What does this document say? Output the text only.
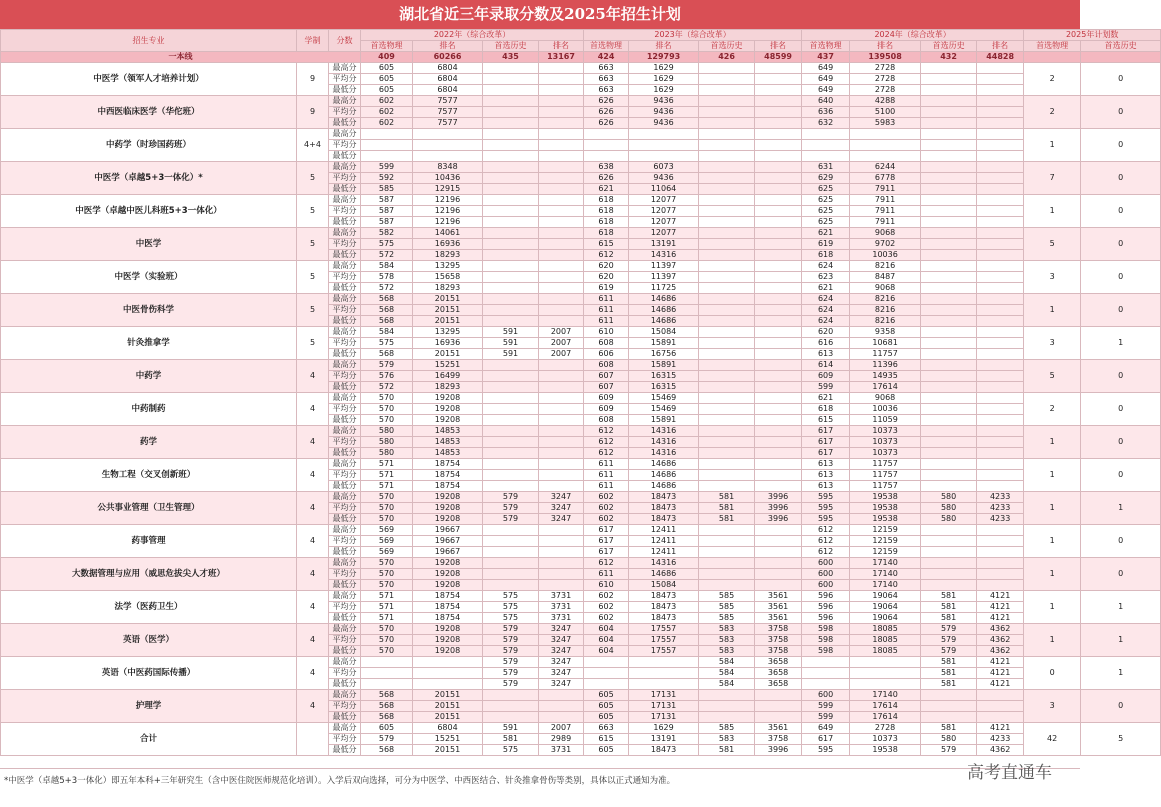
湖北省近三年录取分数及2025年招生计划
招生专业	学制	分数	2022年（综合改革）				2023年（综合改革）				2024年（综合改革）				2025年计划数	
			首选物理	排名	首选历史	排名	首选物理	排名	首选历史	排名	首选物理	排名	首选历史	排名	首选物理	首选历史
一本线			409	60266	435	13167	424	129793	426	48599	437	139508	432	44828		
中医学（领军人才培养计划）	9	最高分	605	6804			663	1629			649	2728			2	0
		平均分	605	6804			663	1629			649	2728				
		最低分	605	6804			663	1629			649	2728				
中西医临床医学（华佗班）	9	最高分	602	7577			626	9436			640	4288			2	0
		平均分	602	7577			626	9436			636	5100				
		最低分	602	7577			626	9436			632	5983				
中药学（时珍国药班）	4+4	最高分													1	0
		平均分														
		最低分														
中医学（卓越5+3一体化）*	5	最高分	599	8348			638	6073			631	6244			7	0
		平均分	592	10436			626	9436			629	6778				
		最低分	585	12915			621	11064			625	7911				
中医学（卓越中医儿科班5+3一体化）	5	最高分	587	12196			618	12077			625	7911			1	0
		平均分	587	12196			618	12077			625	7911				
		最低分	587	12196			618	12077			625	7911				
中医学	5	最高分	582	14061			618	12077			621	9068			5	0
		平均分	575	16936			615	13191			619	9702				
		最低分	572	18293			612	14316			618	10036				
中医学（实验班）	5	最高分	584	13295			620	11397			624	8216			3	0
		平均分	578	15658			620	11397			623	8487				
		最低分	572	18293			619	11725			621	9068				
中医骨伤科学	5	最高分	568	20151			611	14686			624	8216			1	0
		平均分	568	20151			611	14686			624	8216				
		最低分	568	20151			611	14686			624	8216				
针灸推拿学	5	最高分	584	13295	591	2007	610	15084			620	9358			3	1
		平均分	575	16936	591	2007	608	15891			616	10681				
		最低分	568	20151	591	2007	606	16756			613	11757				
中药学	4	最高分	579	15251			608	15891			614	11396			5	0
		平均分	576	16499			607	16315			609	14935				
		最低分	572	18293			607	16315			599	17614				
中药制药	4	最高分	570	19208			609	15469			621	9068			2	0
		平均分	570	19208			609	15469			618	10036				
		最低分	570	19208			608	15891			615	11059				
药学	4	最高分	580	14853			612	14316			617	10373			1	0
		平均分	580	14853			612	14316			617	10373				
		最低分	580	14853			612	14316			617	10373				
生物工程（交叉创新班）	4	最高分	571	18754			611	14686			613	11757			1	0
		平均分	571	18754			611	14686			613	11757				
		最低分	571	18754			611	14686			613	11757				
公共事业管理（卫生管理）	4	最高分	570	19208	579	3247	602	18473	581	3996	595	19538	580	4233	1	1
		平均分	570	19208	579	3247	602	18473	581	3996	595	19538	580	4233		
		最低分	570	19208	579	3247	602	18473	581	3996	595	19538	580	4233		
药事管理	4	最高分	569	19667			617	12411			612	12159			1	0
		平均分	569	19667			617	12411			612	12159				
		最低分	569	19667			617	12411			612	12159				
大数据管理与应用（威思危拔尖人才班）	4	最高分	570	19208			612	14316			600	17140			1	0
		平均分	570	19208			611	14686			600	17140				
		最低分	570	19208			610	15084			600	17140				
法学（医药卫生）	4	最高分	571	18754	575	3731	602	18473	585	3561	596	19064	581	4121	1	1
		平均分	571	18754	575	3731	602	18473	585	3561	596	19064	581	4121		
		最低分	571	18754	575	3731	602	18473	585	3561	596	19064	581	4121		
英语（医学）	4	最高分	570	19208	579	3247	604	17557	583	3758	598	18085	579	4362	1	1
		平均分	570	19208	579	3247	604	17557	583	3758	598	18085	579	4362		
		最低分	570	19208	579	3247	604	17557	583	3758	598	18085	579	4362		
英语（中医药国际传播）	4	最高分			579	3247			584	3658			581	4121	0	1
		平均分			579	3247			584	3658			581	4121		
		最低分			579	3247			584	3658			581	4121		
护理学	4	最高分	568	20151			605	17131			600	17140			3	0
		平均分	568	20151			605	17131			599	17614				
		最低分	568	20151			605	17131			599	17614				
合计		最高分	605	6804	591	2007	663	1629	585	3561	649	2728	581	4121	42	5
		平均分	579	15251	581	2989	615	13191	583	3758	617	10373	580	4233		
		最低分	568	20151	575	3731	605	18473	581	3996	595	19538	579	4362		
*中医学（卓越5+3一体化）即五年本科+三年研究生（含中医住院医师规范化培训）。入学后双向选择，可分为中医学、中西医结合、针灸推拿骨伤等类别，具体以正式通知为准。	高考直通车
